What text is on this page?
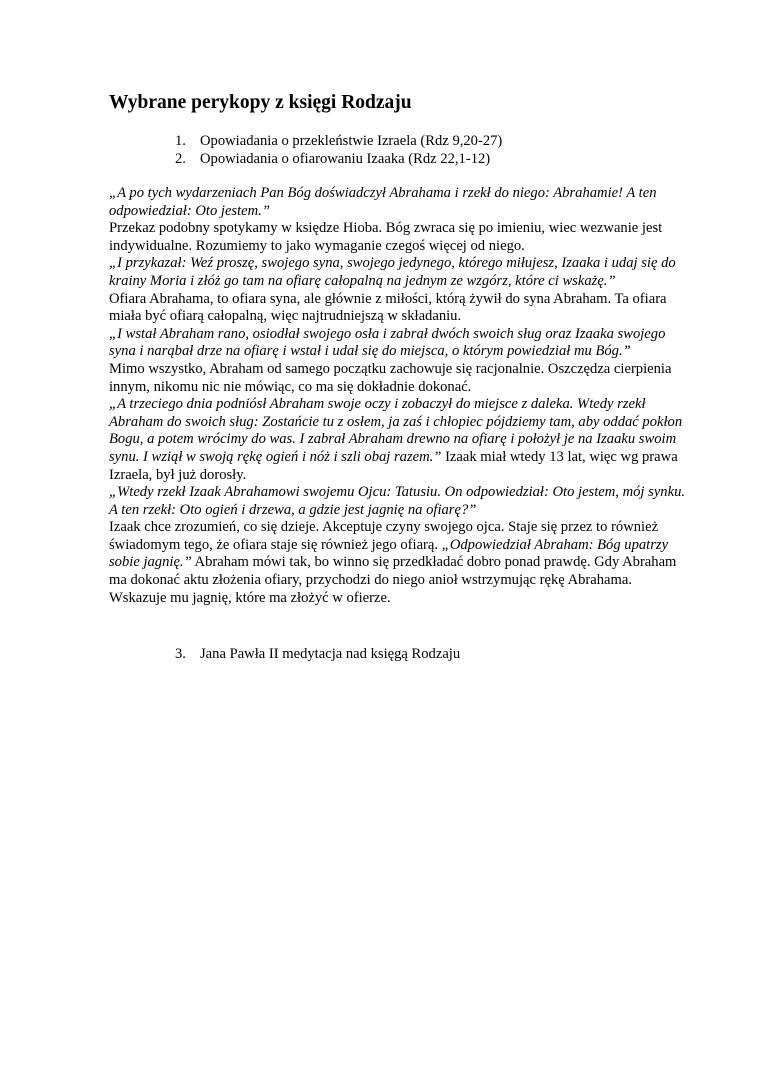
Wybrane perykopy z księgi Rodzaju
1. Opowiadania o przekleństwie Izraela (Rdz 9,20-27)
2. Opowiadania o ofiarowaniu Izaaka (Rdz 22,1-12)

„A po tych wydarzeniach Pan Bóg doświadczył Abrahama i rzekł do niego: Abrahamie! A ten odpowiedział: Oto jestem.”

Przekaz podobny spotykamy w księdze Hioba. Bóg zwraca się po imieniu, wiec wezwanie jest indywidualne. Rozumiemy to jako wymaganie czegoś więcej od niego.

„I przykazał: Weź proszę, swojego syna, swojego jedynego, którego miłujesz, Izaaka i udaj się do krainy Moria i złóż go tam na ofiarę całopalną na jednym ze wzgórz, które ci wskażę.”

Ofiara Abrahama, to ofiara syna, ale głównie z miłości, którą żywił do syna Abraham. Ta ofiara miała być ofiarą całopalną, więc najtrudniejszą w składaniu.

„I wstał Abraham rano, osiodłał swojego osła i zabrał dwóch swoich sług oraz Izaaka swojego syna i narąbał drze na ofiarę i wstał i udał się do miejsca, o którym powiedział mu Bóg.”

Mimo wszystko, Abraham od samego początku zachowuje się racjonalnie. Oszczędza cierpienia innym, nikomu nic nie mówiąc, co ma się dokładnie dokonać.

„A trzeciego dnia podniósł Abraham swoje oczy i zobaczył do miejsce z daleka. Wtedy rzekł Abraham do swoich sług: Zostańcie tu z osłem, ja zaś i chłopiec pójdziemy tam, aby oddać pokłon Bogu, a potem wrócimy do was. I zabrał Abraham drewno na ofiarę i położył je na Izaaku swoim synu. I wziął w swoją rękę ogień i nóż i szli obaj razem.” Izaak miał wtedy 13 lat, więc wg prawa Izraela, był już dorosły.

„Wtedy rzekł Izaak Abrahamowi swojemu Ojcu: Tatusiu. On odpowiedział: Oto jestem, mój synku. A ten rzekł: Oto ogień i drzewa, a gdzie jest jagnię na ofiarę?”

Izaak chce zrozumień, co się dzieje. Akceptuje czyny swojego ojca. Staje się przez to również świadomym tego, że ofiara staje się również jego ofiarą. „Odpowiedział Abraham: Bóg upatrzy sobie jagnię.” Abraham mówi tak, bo winno się przedkładać dobro ponad prawdę. Gdy Abraham ma dokonać aktu złożenia ofiary, przychodzi do niego anioł wstrzymując rękę Abrahama. Wskazuje mu jagnię, które ma złożyć w ofierze.

3. Jana Pawła II medytacja nad księgą Rodzaju
